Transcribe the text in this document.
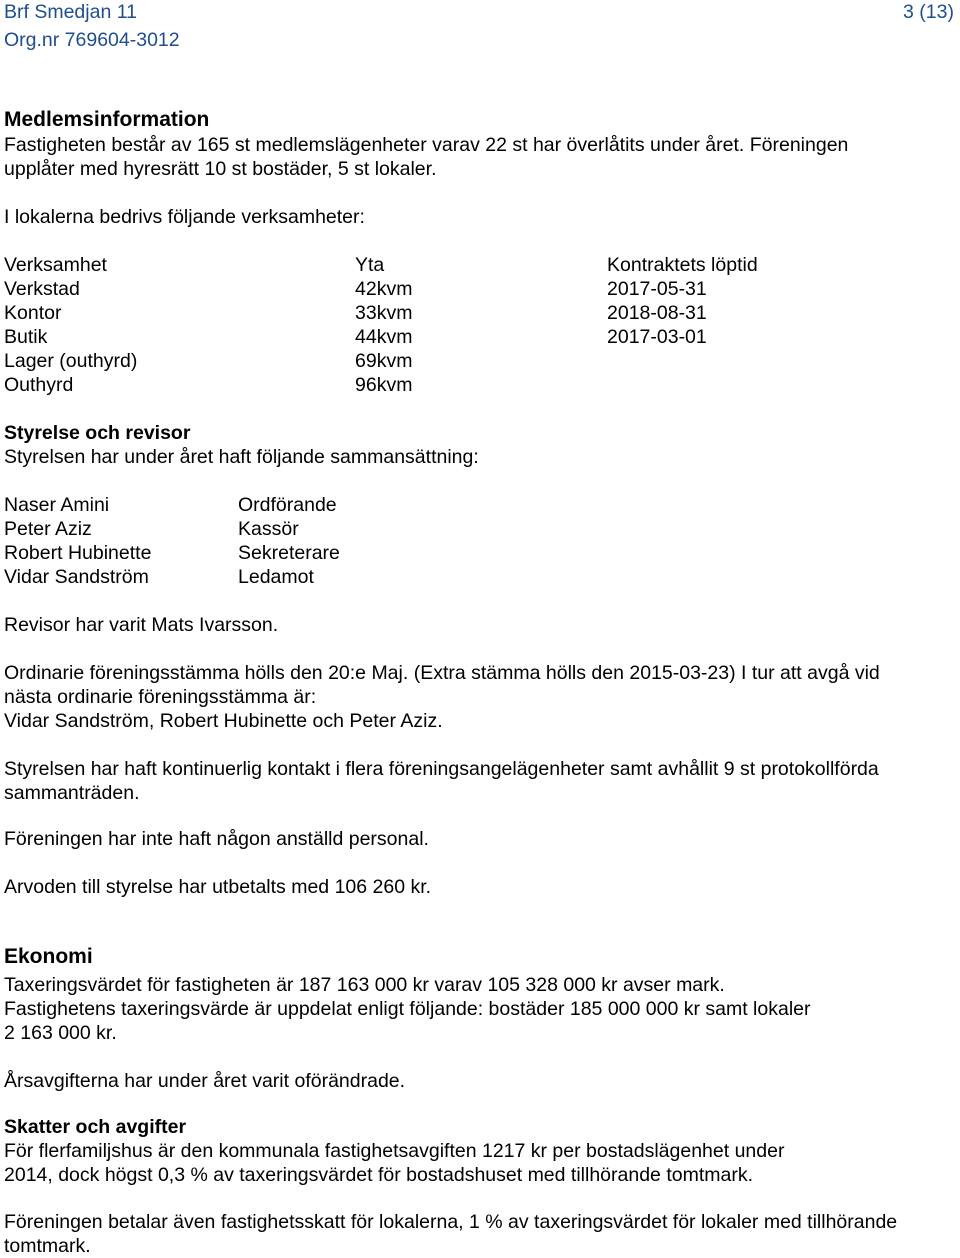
Brf Smedjan 11
Org.nr 769604-3012
3 (13)
Medlemsinformation
Fastigheten består av 165 st medlemslägenheter varav 22 st har överlåtits under året. Föreningen
upplåter med hyresrätt 10 st bostäder, 5 st lokaler.
I lokalerna bedrivs följande verksamheter:
Verksamhet	Yta	Kontraktets löptid
Verkstad	42kvm	2017-05-31
Kontor	33kvm	2018-08-31
Butik	44kvm	2017-03-01
Lager (outhyrd)	69kvm
Outhyrd	96kvm
Styrelse och revisor
Styrelsen har under året haft följande sammansättning:
Naser Amini	Ordförande
Peter Aziz	Kassör
Robert Hubinette	Sekreterare
Vidar Sandström	Ledamot
Revisor har varit Mats Ivarsson.
Ordinarie föreningsstämma hölls den 20:e Maj. (Extra stämma hölls den 2015-03-23) I tur att avgå vid
nästa ordinarie föreningsstämma är:
Vidar Sandström, Robert Hubinette och Peter Aziz.
Styrelsen har haft kontinuerlig kontakt i flera föreningsangelägenheter samt avhållit 9 st protokollförda
sammanträden.
Föreningen har inte haft någon anställd personal.
Arvoden till styrelse har utbetalts med 106 260 kr.
Ekonomi
Taxeringsvärdet för fastigheten är 187 163 000 kr varav 105 328 000 kr avser mark.
Fastighetens taxeringsvärde är uppdelat enligt följande: bostäder 185 000 000 kr samt lokaler
2 163 000 kr.
Årsavgifterna har under året varit oförändrade.
Skatter och avgifter
För flerfamiljshus är den kommunala fastighetsavgiften 1217 kr per bostadslägenhet under
2014, dock högst 0,3 % av taxeringsvärdet för bostadshuset med tillhörande tomtmark.
Föreningen betalar även fastighetsskatt för lokalerna, 1 % av taxeringsvärdet för lokaler med tillhörande
tomtmark.
